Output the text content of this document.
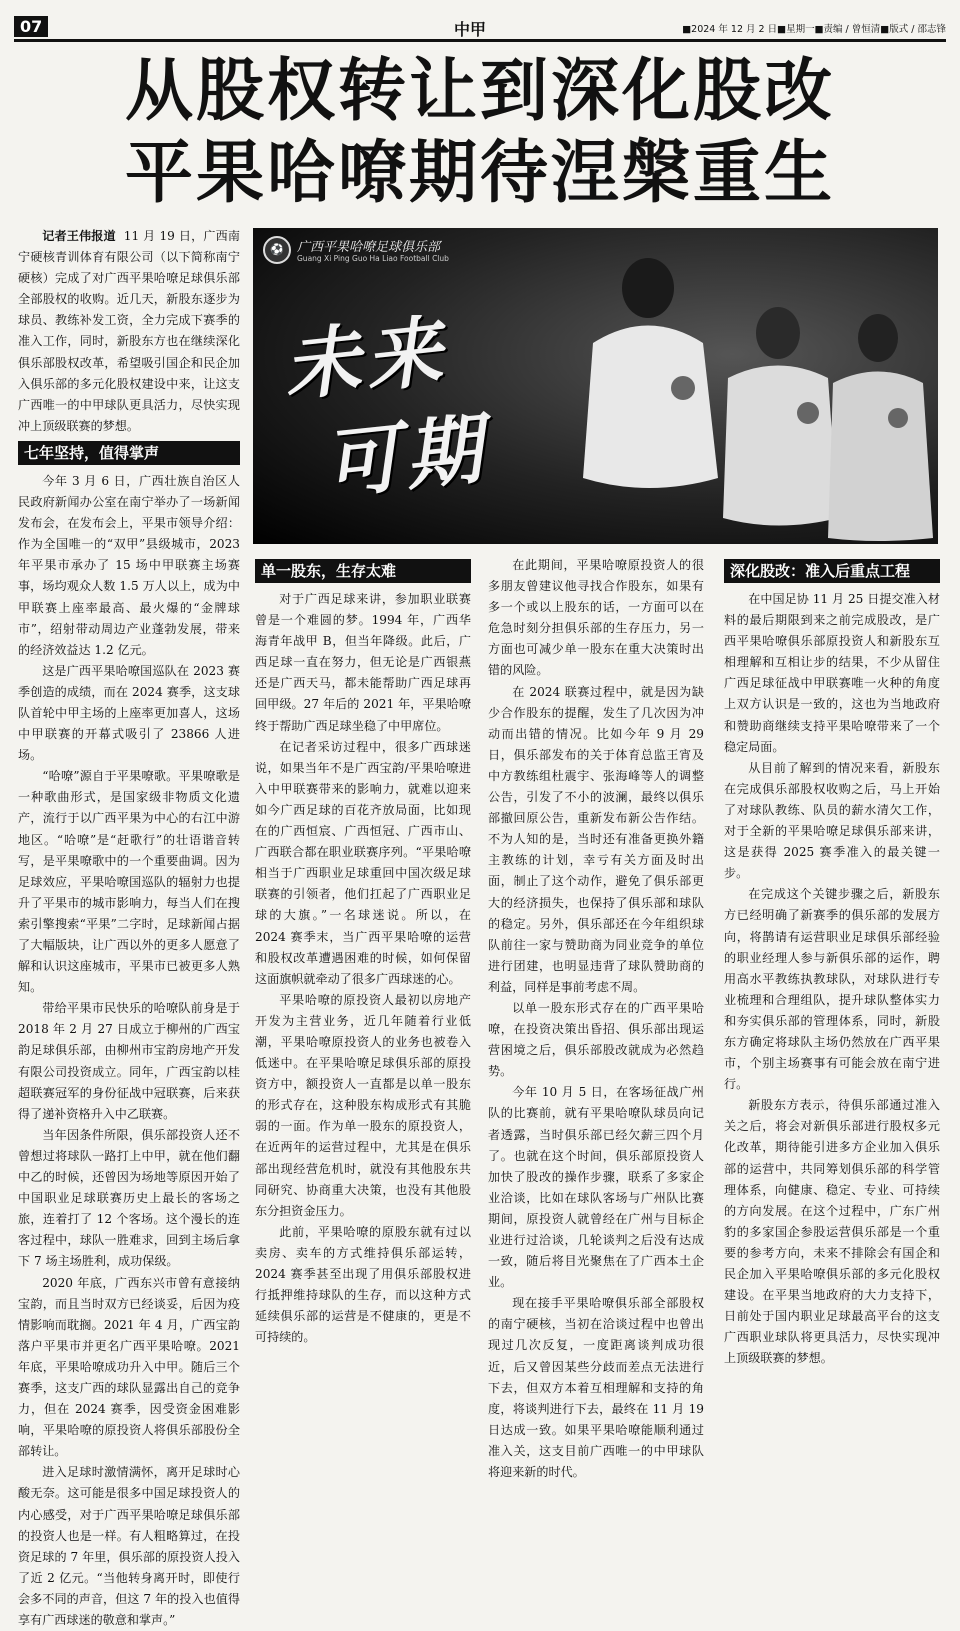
07	中甲	■2024 年 12 月 2 日■星期一■责编 / 曾恒清■版式 / 邵志锋
从股权转让到深化股改
平果哈嘹期待涅槃重生
⚽	广西平果哈嘹足球俱乐部
Guang Xi Ping Guo Ha Liao Football Club
未来
可期

记者王伟报道 11 月 19 日，广西南宁硬核青训体育有限公司（以下简称南宁硬核）完成了对广西平果哈嘹足球俱乐部全部股权的收购。近几天，新股东逐步为球员、教练补发工资，全力完成下赛季的准入工作，同时，新股东方也在继续深化俱乐部股权改革，希望吸引国企和民企加入俱乐部的多元化股权建设中来，让这支广西唯一的中甲球队更具活力，尽快实现冲上顶级联赛的梦想。

七年坚持，值得掌声

今年 3 月 6 日，广西壮族自治区人民政府新闻办公室在南宁举办了一场新闻发布会，在发布会上，平果市领导介绍：作为全国唯一的“双甲”县级城市，2023 年平果市承办了 15 场中甲联赛主场赛事，场均观众人数 1.5 万人以上，成为中甲联赛上座率最高、最火爆的“金牌球市”，绍射带动周边产业蓬勃发展，带来的经济效益达 1.2 亿元。

这是广西平果哈嘹国巡队在 2023 赛季创造的成绩，而在 2024 赛季，这支球队首轮中甲主场的上座率更加喜人，这场中甲联赛的开幕式吸引了 23866 人进场。

“哈嘹”源自于平果嘹歌。平果嘹歌是一种歌曲形式，是国家级非物质文化遗产，流行于以广西平果为中心的右江中游地区。“哈嘹”是“赶歌行”的壮语谐音转写，是平果嘹歌中的一个重要曲调。因为足球效应，平果哈嘹国巡队的辐射力也提升了平果市的城市影响力，每当人们在搜索引擎搜索“平果”二字时，足球新闻占据了大幅版块，让广西以外的更多人愿意了解和认识这座城市，平果市已被更多人熟知。

带给平果市民快乐的哈嘹队前身是于 2018 年 2 月 27 日成立于柳州的广西宝韵足球俱乐部，由柳州市宝韵房地产开发有限公司投资成立。同年，广西宝韵以桂超联赛冠军的身份征战中冠联赛，后来获得了递补资格升入中乙联赛。

当年因条件所限，俱乐部投资人还不曾想过将球队一路打上中甲，就在他们翻中乙的时候，还曾因为场地等原因开始了中国职业足球联赛历史上最长的客场之旅，连着打了 12 个客场。这个漫长的连客过程中，球队一胜难求，回到主场后拿下 7 场主场胜利，成功保级。

2020 年底，广西东兴市曾有意接纳宝韵，而且当时双方已经谈妥，后因为疫情影响而耽搁。2021 年 4 月，广西宝韵落户平果市并更名广西平果哈嘹。2021 年底，平果哈嘹成功升入中甲。随后三个赛季，这支广西的球队显露出自己的竞争力，但在 2024 赛季，因受资金困难影响，平果哈嘹的原投资人将俱乐部股份全部转让。

进入足球时激情满怀，离开足球时心酸无奈。这可能是很多中国足球投资人的内心感受，对于广西平果哈嘹足球俱乐部的投资人也是一样。有人粗略算过，在投资足球的 7 年里，俱乐部的原投资人投入了近 2 亿元。“当他转身离开时，即使行会多不同的声音，但这 7 年的投入也值得享有广西球迷的敬意和掌声。”

单一股东，生存太难

对于广西足球来讲，参加职业联赛曾是一个难圆的梦。1994 年，广西华海青年战甲 B，但当年降级。此后，广西足球一直在努力，但无论是广西银燕还是广西天马，都未能帮助广西足球再回甲级。27 年后的 2021 年，平果哈嘹终于帮助广西足球坐稳了中甲席位。

在记者采访过程中，很多广西球迷说，如果当年不是广西宝韵/平果哈嘹进入中甲联赛带来的影响力，就难以迎来如今广西足球的百花齐放局面，比如现在的广西恒宸、广西恒冠、广西市山、广西联合都在职业联赛序列。“平果哈嘹相当于广西职业足球重回中国次级足球联赛的引领者，他们扛起了广西职业足球的大旗。”一名球迷说。所以，在 2024 赛季末，当广西平果哈嘹的运营和股权改革遭遇困难的时候，如何保留这面旗帜就牵动了很多广西球迷的心。

平果哈嘹的原投资人最初以房地产开发为主营业务，近几年随着行业低潮，平果哈嘹原投资人的业务也被卷入低迷中。在平果哈嘹足球俱乐部的原投资方中，额投资人一直都是以单一股东的形式存在，这种股东构成形式有其脆弱的一面。作为单一股东的原投资人，在近两年的运营过程中，尤其是在俱乐部出现经营危机时，就没有其他股东共同研究、协商重大决策，也没有其他股东分担资金压力。

此前，平果哈嘹的原股东就有过以卖房、卖车的方式维持俱乐部运转，2024 赛季甚至出现了用俱乐部股权进行抵押维持球队的生存，而以这种方式延续俱乐部的运营是不健康的，更是不可持续的。

在此期间，平果哈嘹原投资人的很多朋友曾建议他寻找合作股东，如果有多一个或以上股东的话，一方面可以在危急时刻分担俱乐部的生存压力，另一方面也可减少单一股东在重大决策时出错的风险。

在 2024 联赛过程中，就是因为缺少合作股东的提醒，发生了几次因为冲动而出错的情况。比如今年 9 月 29 日，俱乐部发布的关于体育总监王宵及中方教练组杜震宇、张海峰等人的调整公告，引发了不小的波澜，最终以俱乐部撤回原公告，重新发布新公告作结。不为人知的是，当时还有准备更换外籍主教练的计划，幸亏有关方面及时出面，制止了这个动作，避免了俱乐部更大的经济损失，也保持了俱乐部和球队的稳定。另外，俱乐部还在今年组织球队前往一家与赞助商为同业竞争的单位进行团建，也明显违背了球队赞助商的利益，同样是事前考虑不周。

以单一股东形式存在的广西平果哈嘹，在投资决策出昏招、俱乐部出现运营困境之后，俱乐部股改就成为必然趋势。

今年 10 月 5 日，在客场征战广州队的比赛前，就有平果哈嘹队球员向记者透露，当时俱乐部已经欠薪三四个月了。也就在这个时间，俱乐部原投资人加快了股改的操作步骤，联系了多家企业洽谈，比如在球队客场与广州队比赛期间，原投资人就曾经在广州与目标企业进行过洽谈，几轮谈判之后没有达成一致，随后将目光聚焦在了广西本土企业。

现在接手平果哈嘹俱乐部全部股权的南宁硬核，当初在洽谈过程中也曾出现过几次反复，一度距离谈判成功很近，后又曾因某些分歧而差点无法进行下去，但双方本着互相理解和支持的角度，将谈判进行下去，最终在 11 月 19 日达成一致。如果平果哈嘹能顺利通过准入关，这支目前广西唯一的中甲球队将迎来新的时代。

深化股改：准入后重点工程

在中国足协 11 月 25 日提交准入材料的最后期限到来之前完成股改，是广西平果哈嘹俱乐部原投资人和新股东互相理解和互相让步的结果，不少从留住广西足球征战中甲联赛唯一火种的角度上双方认识是一致的，这也为当地政府和赞助商继续支持平果哈嘹带来了一个稳定局面。

从目前了解到的情况来看，新股东在完成俱乐部股权收购之后，马上开始了对球队教练、队员的薪水清欠工作，对于全新的平果哈嘹足球俱乐部来讲，这是获得 2025 赛季准入的最关键一步。

在完成这个关键步骤之后，新股东方已经明确了新赛季的俱乐部的发展方向，将鹊请有运营职业足球俱乐部经验的职业经理人参与新俱乐部的运作，聘用高水平教练执教球队，对球队进行专业梳理和合理组队，提升球队整体实力和夯实俱乐部的管理体系，同时，新股东方确定将球队主场仍然放在广西平果市，个别主场赛事有可能会放在南宁进行。

新股东方表示，待俱乐部通过准入关之后，将会对新俱乐部进行股权多元化改革，期待能引进多方企业加入俱乐部的运营中，共同筹划俱乐部的科学管理体系，向健康、稳定、专业、可持续的方向发展。在这个过程中，广东广州豹的多家国企参股运营俱乐部是一个重要的参考方向，未来不排除会有国企和民企加入平果哈嘹俱乐部的多元化股权建设。在平果当地政府的大力支持下，日前处于国内职业足球最高平台的这支广西职业球队将更具活力，尽快实现冲上顶级联赛的梦想。
